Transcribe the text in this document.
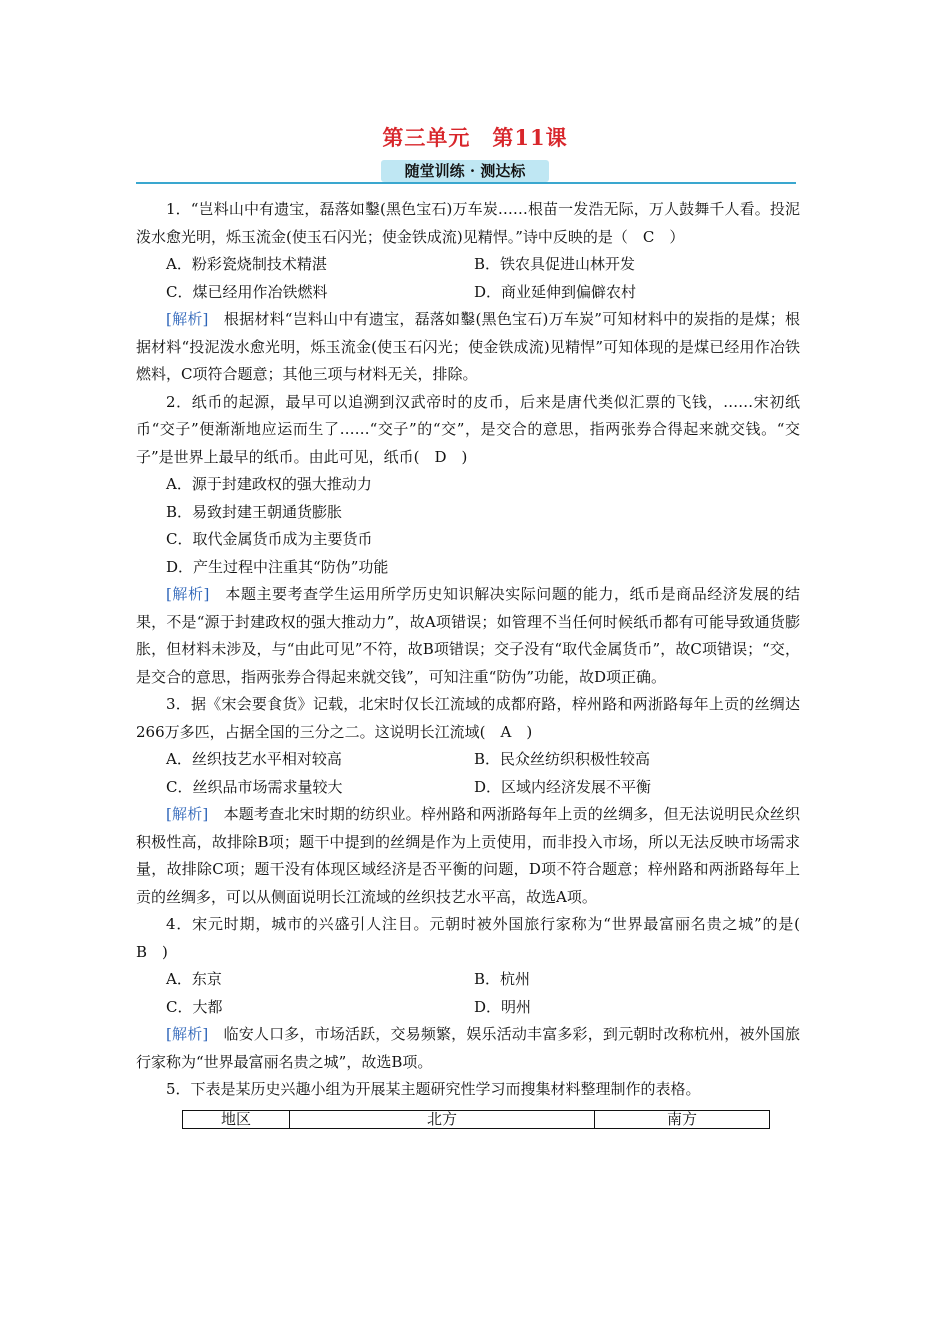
第三单元　第11课
随堂训练 · 测达标

1．“岂料山中有遗宝，磊落如鑿(黑色宝石)万车炭……根苗一发浩无际，万人鼓舞千人看。投泥泼水愈光明，烁玉流金(使玉石闪光；使金铁成流)见精悍。”诗中反映的是（　C　）

A．粉彩瓷烧制技术精湛	B．铁农具促进山林开发
C．煤已经用作冶铁燃料	D．商业延伸到偏僻农村

[解析]　根据材料“岂料山中有遗宝，磊落如鑿(黑色宝石)万车炭”可知材料中的炭指的是煤；根据材料“投泥泼水愈光明，烁玉流金(使玉石闪光；使金铁成流)见精悍”可知体现的是煤已经用作冶铁燃料，C项符合题意；其他三项与材料无关，排除。

2．纸币的起源，最早可以追溯到汉武帝时的皮币，后来是唐代类似汇票的飞钱，……宋初纸币“交子”便渐渐地应运而生了……“交子”的“交”，是交合的意思，指两张券合得起来就交钱。“交子”是世界上最早的纸币。由此可见，纸币(　D　)

A．源于封建政权的强大推动力

B．易致封建王朝通货膨胀

C．取代金属货币成为主要货币

D．产生过程中注重其“防伪”功能

[解析]　本题主要考查学生运用所学历史知识解决实际问题的能力，纸币是商品经济发展的结果，不是“源于封建政权的强大推动力”，故A项错误；如管理不当任何时候纸币都有可能导致通货膨胀，但材料未涉及，与“由此可见”不符，故B项错误；交子没有“取代金属货币”，故C项错误；“交，是交合的意思，指两张券合得起来就交钱”，可知注重“防伪”功能，故D项正确。

3．据《宋会要食货》记载，北宋时仅长江流域的成都府路，梓州路和两浙路每年上贡的丝绸达266万多匹，占据全国的三分之二。这说明长江流域(　A　)

A．丝织技艺水平相对较高	B．民众丝纺织积极性较高
C．丝织品市场需求量较大	D．区域内经济发展不平衡

[解析]　本题考查北宋时期的纺织业。梓州路和两浙路每年上贡的丝绸多，但无法说明民众丝织积极性高，故排除B项；题干中提到的丝绸是作为上贡使用，而非投入市场，所以无法反映市场需求量，故排除C项；题干没有体现区域经济是否平衡的问题，D项不符合题意；梓州路和两浙路每年上贡的丝绸多，可以从侧面说明长江流域的丝织技艺水平高，故选A项。

4．宋元时期，城市的兴盛引人注目。元朝时被外国旅行家称为“世界最富丽名贵之城”的是(　B　)

A．东京	B．杭州
C．大都	D．明州

[解析]　临安人口多，市场活跃，交易频繁，娱乐活动丰富多彩，到元朝时改称杭州，被外国旅行家称为“世界最富丽名贵之城”，故选B项。

5．下表是某历史兴趣小组为开展某主题研究性学习而搜集材料整理制作的表格。

地区	北方	南方
